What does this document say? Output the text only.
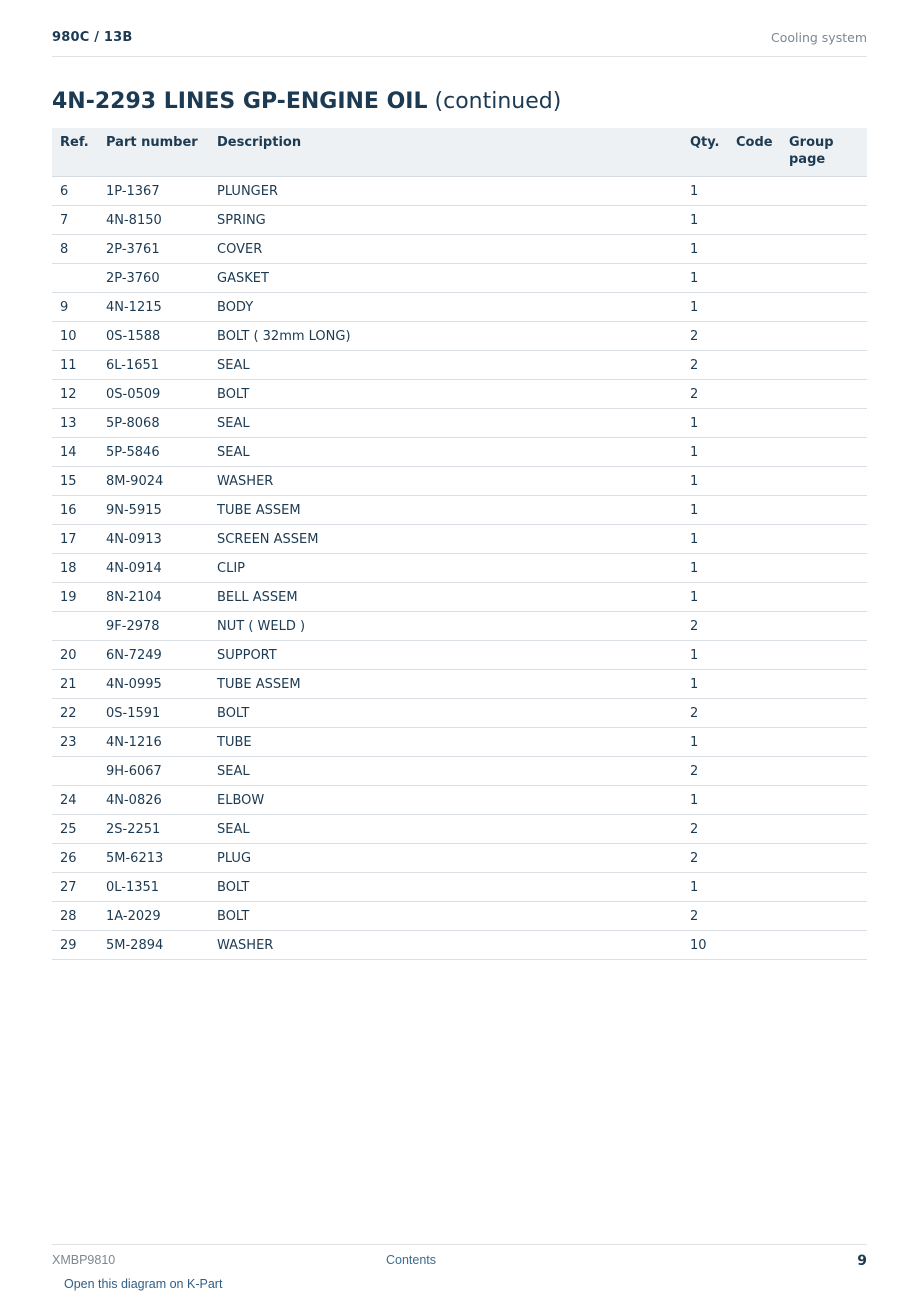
980C / 13B	Cooling system
4N-2293 LINES GP-ENGINE OIL (continued)
Ref.	Part number	Description	Qty.	Code	Group page
6	1P-1367	PLUNGER	1		
7	4N-8150	SPRING	1		
8	2P-3761	COVER	1		
	2P-3760	GASKET	1		
9	4N-1215	BODY	1		
10	0S-1588	BOLT ( 32mm LONG)	2		
11	6L-1651	SEAL	2		
12	0S-0509	BOLT	2		
13	5P-8068	SEAL	1		
14	5P-5846	SEAL	1		
15	8M-9024	WASHER	1		
16	9N-5915	TUBE ASSEM	1		
17	4N-0913	SCREEN ASSEM	1		
18	4N-0914	CLIP	1		
19	8N-2104	BELL ASSEM	1		
	9F-2978	NUT ( WELD )	2		
20	6N-7249	SUPPORT	1		
21	4N-0995	TUBE ASSEM	1		
22	0S-1591	BOLT	2		
23	4N-1216	TUBE	1		
	9H-6067	SEAL	2		
24	4N-0826	ELBOW	1		
25	2S-2251	SEAL	2		
26	5M-6213	PLUG	2		
27	0L-1351	BOLT	1		
28	1A-2029	BOLT	2		
29	5M-2894	WASHER	10		
XMBP9810	Contents	9
Open this diagram on K-Part
